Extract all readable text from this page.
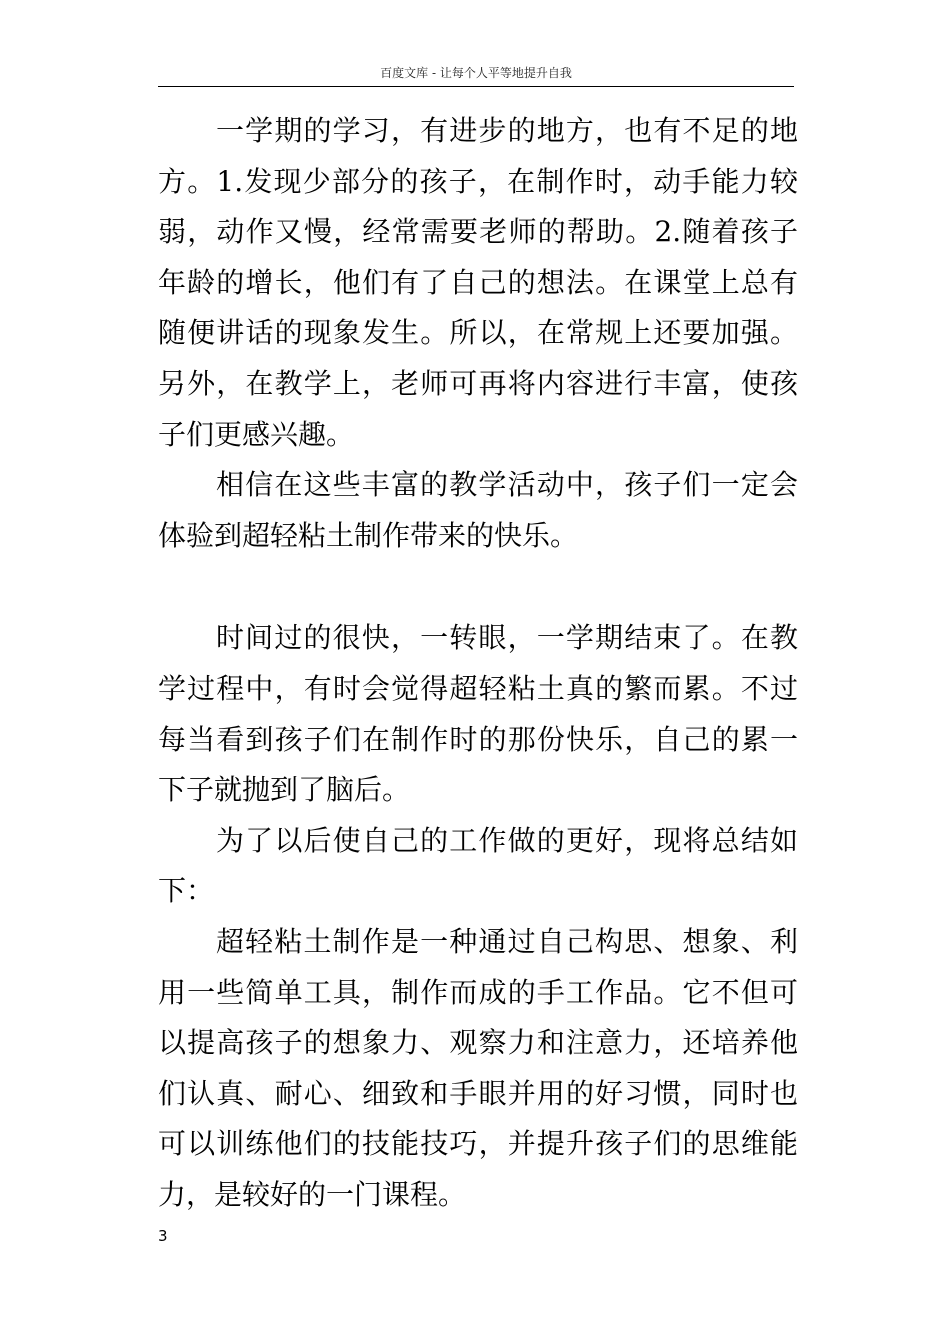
百度文库 - 让每个人平等地提升自我

一学期的学习，有进步的地方，也有不足的地方。1.发现少部分的孩子，在制作时，动手能力较弱，动作又慢，经常需要老师的帮助。2.随着孩子年龄的增长，他们有了自己的想法。在课堂上总有随便讲话的现象发生。所以，在常规上还要加强。另外，在教学上，老师可再将内容进行丰富，使孩子们更感兴趣。

相信在这些丰富的教学活动中，孩子们一定会体验到超轻粘土制作带来的快乐。

时间过的很快，一转眼，一学期结束了。在教学过程中，有时会觉得超轻粘土真的繁而累。不过每当看到孩子们在制作时的那份快乐，自己的累一下子就抛到了脑后。

为了以后使自己的工作做的更好，现将总结如下：

超轻粘土制作是一种通过自己构思、想象、利用一些简单工具，制作而成的手工作品。它不但可以提高孩子的想象力、观察力和注意力，还培养他们认真、耐心、细致和手眼并用的好习惯，同时也可以训练他们的技能技巧，并提升孩子们的思维能力，是较好的一门课程。

3
